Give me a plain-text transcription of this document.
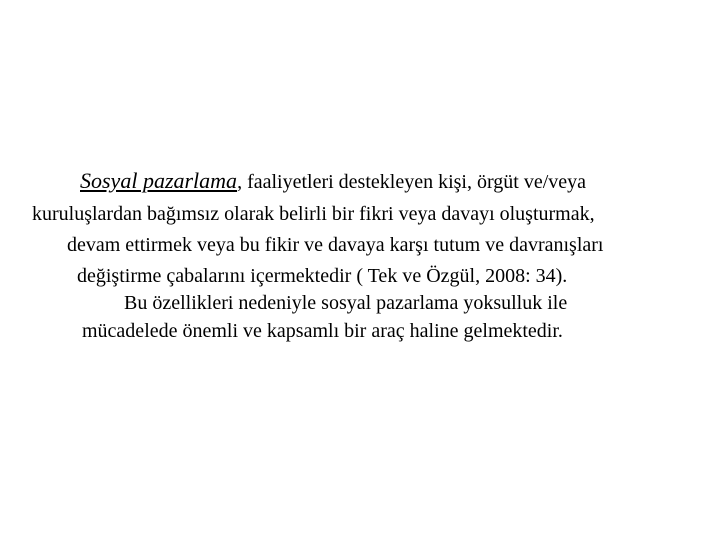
Sosyal pazarlama, faaliyetleri destekleyen kişi, örgüt ve/veya
kuruluşlardan bağımsız olarak belirli bir fikri veya davayı oluşturmak,
devam ettirmek veya bu fikir ve davaya karşı tutum ve davranışları
değiştirme çabalarını içermektedir ( Tek ve Özgül, 2008: 34).
Bu özellikleri nedeniyle sosyal pazarlama yoksulluk ile
mücadelede önemli ve kapsamlı bir araç haline gelmektedir.
